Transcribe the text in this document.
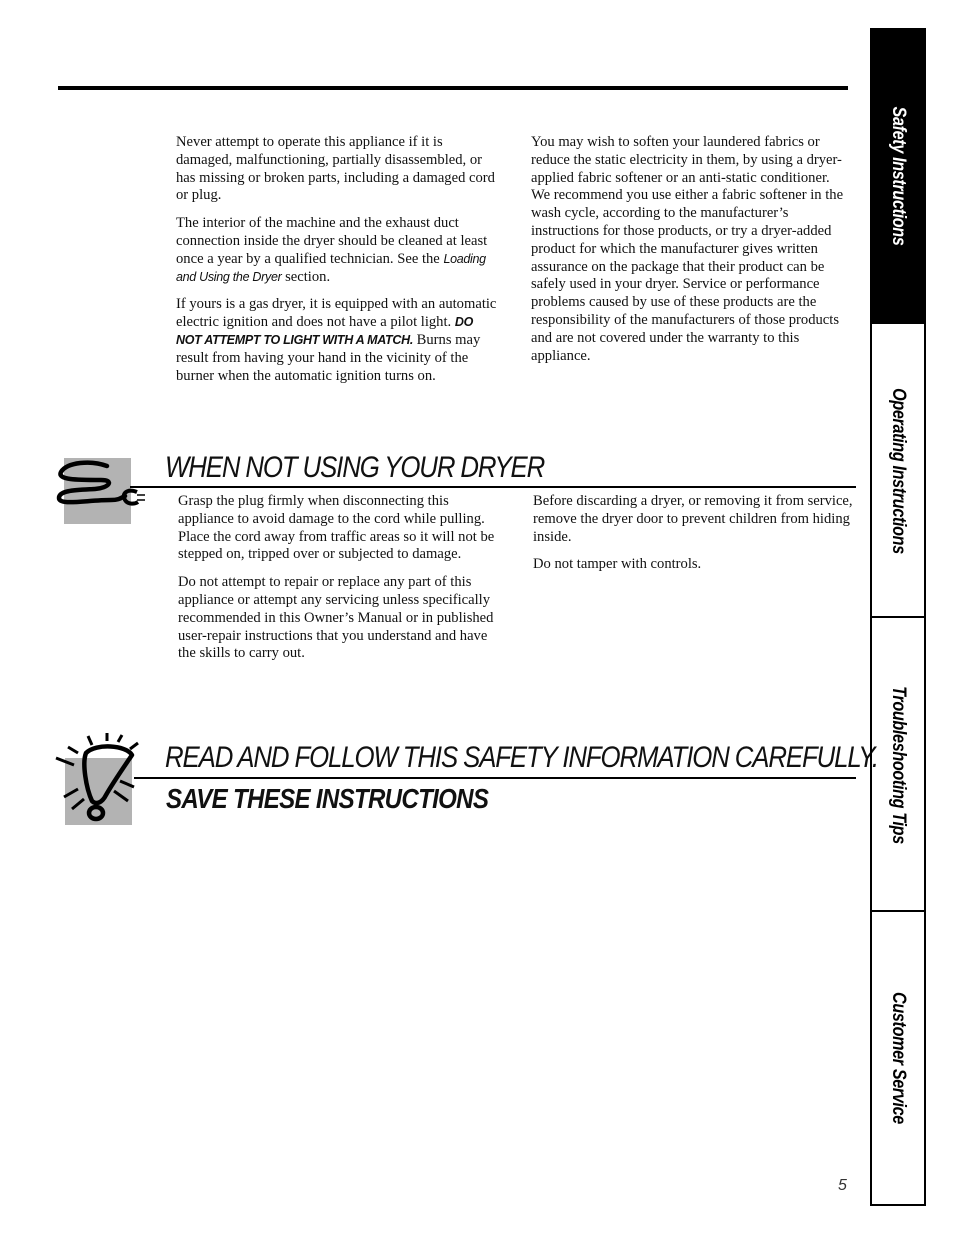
Never attempt to operate this appliance if it is damaged, malfunctioning, partially disassembled, or has missing or broken parts, including a damaged cord or plug.

The interior of the machine and the exhaust duct connection inside the dryer should be cleaned at least once a year by a qualified technician. See the Loading and Using the Dryer section.

If yours is a gas dryer, it is equipped with an automatic electric ignition and does not have a pilot light. DO NOT ATTEMPT TO LIGHT WITH A MATCH. Burns may result from having your hand in the vicinity of the burner when the automatic ignition turns on.

You may wish to soften your laundered fabrics or reduce the static electricity in them, by using a dryer-applied fabric softener or an anti-static conditioner. We recommend you use either a fabric softener in the wash cycle, according to the manufacturer’s instructions for those products, or try a dryer-added product for which the manufacturer gives written assurance on the package that their product can be safely used in your dryer. Service or performance problems caused by use of these products are the responsibility of the manufacturers of those products and are not covered under the warranty to this appliance.

WHEN NOT USING YOUR DRYER

Grasp the plug firmly when disconnecting this appliance to avoid damage to the cord while pulling. Place the cord away from traffic areas so it will not be stepped on, tripped over or subjected to damage.

Do not attempt to repair or replace any part of this appliance or attempt any servicing unless specifically recommended in this Owner’s Manual or in published user-repair instructions that you understand and have the skills to carry out.

Before discarding a dryer, or removing it from service, remove the dryer door to prevent children from hiding inside.

Do not tamper with controls.

READ AND FOLLOW THIS SAFETY INFORMATION CAREFULLY.
SAVE THESE INSTRUCTIONS
Safety Instructions
Operating Instructions
Troubleshooting Tips
Customer Service
5
